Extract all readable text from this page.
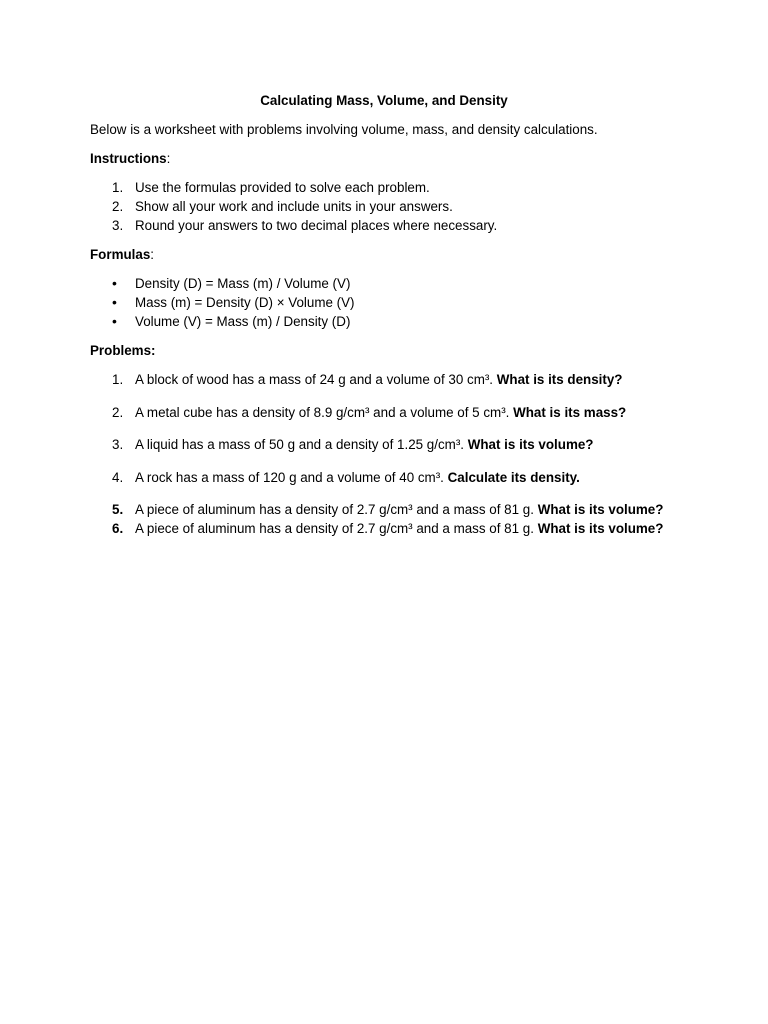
Calculating Mass, Volume, and Density
Below is a worksheet with problems involving volume, mass, and density calculations.
Instructions:
1. Use the formulas provided to solve each problem.
2. Show all your work and include units in your answers.
3. Round your answers to two decimal places where necessary.
Formulas:
• Density (D) = Mass (m) / Volume (V)
• Mass (m) = Density (D) × Volume (V)
• Volume (V) = Mass (m) / Density (D)
Problems:
1. A block of wood has a mass of 24 g and a volume of 30 cm³. What is its density?
2. A metal cube has a density of 8.9 g/cm³ and a volume of 5 cm³. What is its mass?
3. A liquid has a mass of 50 g and a density of 1.25 g/cm³. What is its volume?
4. A rock has a mass of 120 g and a volume of 40 cm³. Calculate its density.
5. A piece of aluminum has a density of 2.7 g/cm³ and a mass of 81 g. What is its volume?
6. A piece of aluminum has a density of 2.7 g/cm³ and a mass of 81 g. What is its volume?
